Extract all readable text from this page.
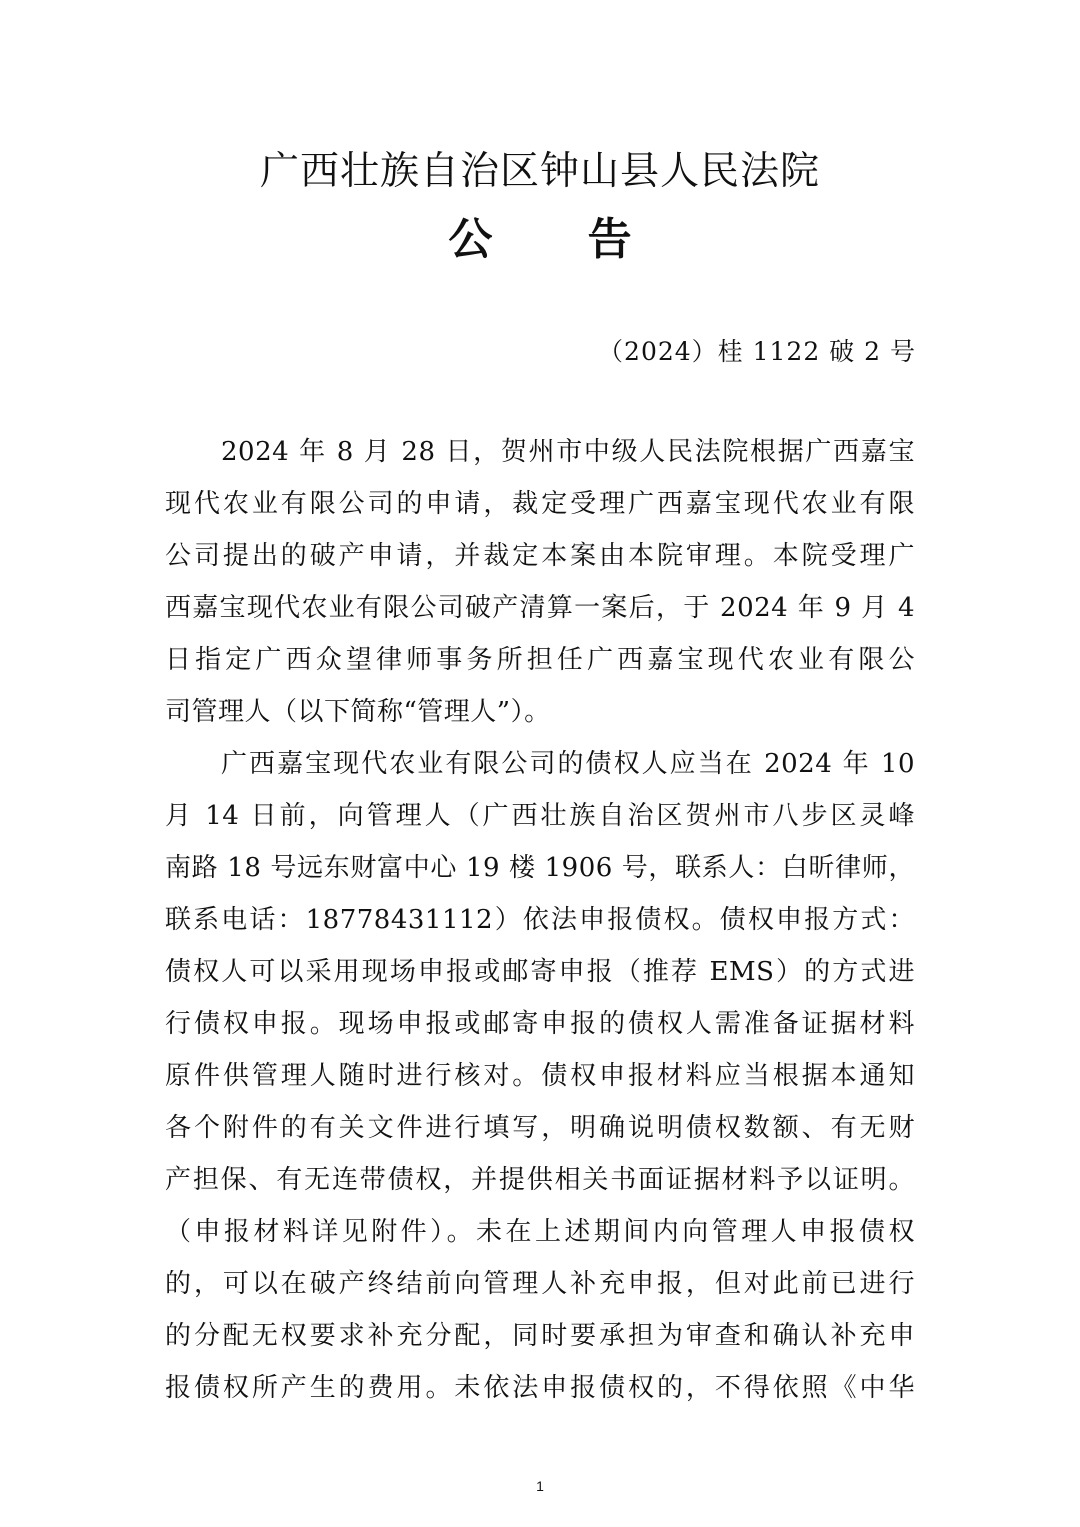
广西壮族自治区钟山县人民法院
公 告
（2024）桂 1122 破 2 号
2024 年 8 月 28 日，贺州市中级人民法院根据广西嘉宝
现代农业有限公司的申请，裁定受理广西嘉宝现代农业有限
公司提出的破产申请，并裁定本案由本院审理。本院受理广
西嘉宝现代农业有限公司破产清算一案后，于 2024 年 9 月 4
日指定广西众望律师事务所担任广西嘉宝现代农业有限公
司管理人（以下简称“管理人”）。
广西嘉宝现代农业有限公司的债权人应当在 2024 年 10
月 14 日前，向管理人（广西壮族自治区贺州市八步区灵峰
南路 18 号远东财富中心 19 楼 1906 号，联系人：白昕律师，
联系电话：18778431112）依法申报债权。债权申报方式：
债权人可以采用现场申报或邮寄申报（推荐 EMS）的方式进
行债权申报。现场申报或邮寄申报的债权人需准备证据材料
原件供管理人随时进行核对。债权申报材料应当根据本通知
各个附件的有关文件进行填写，明确说明债权数额、有无财
产担保、有无连带债权，并提供相关书面证据材料予以证明。
（申报材料详见附件）。未在上述期间内向管理人申报债权
的，可以在破产终结前向管理人补充申报，但对此前已进行
的分配无权要求补充分配，同时要承担为审查和确认补充申
报债权所产生的费用。未依法申报债权的，不得依照《中华
1
